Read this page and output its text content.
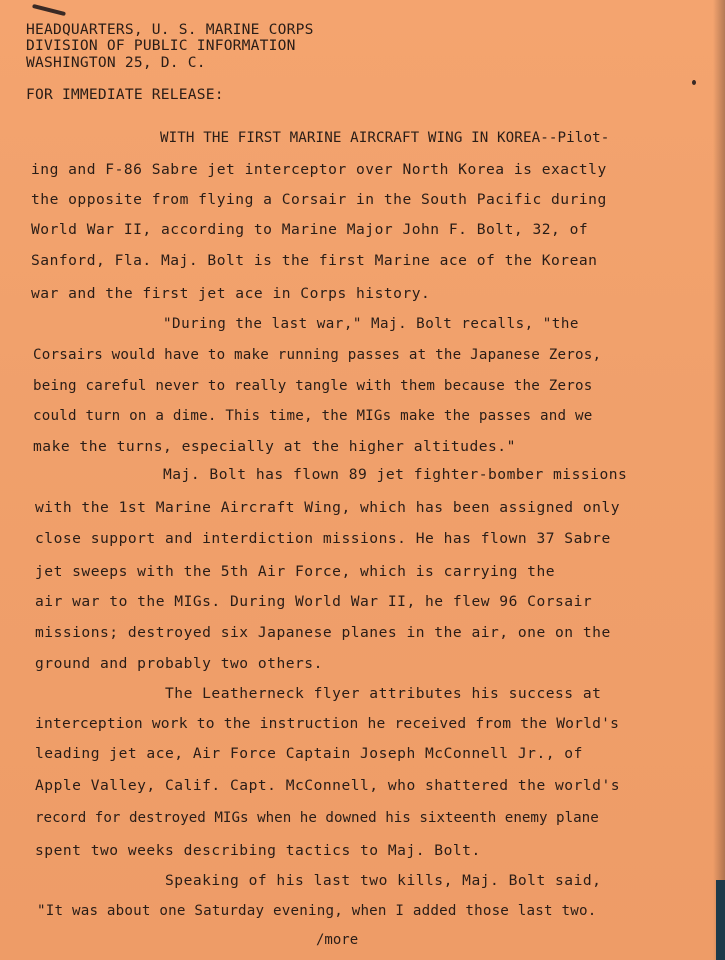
HEADQUARTERS, U. S. MARINE CORPS
DIVISION OF PUBLIC INFORMATION
WASHINGTON 25, D. C.
FOR IMMEDIATE RELEASE:
WITH THE FIRST MARINE AIRCRAFT WING IN KOREA--Pilot-
ing and F-86 Sabre jet interceptor over North Korea is exactly
the opposite from flying a Corsair in the South Pacific during
World War II, according to Marine Major John F. Bolt, 32, of
Sanford, Fla. Maj. Bolt is the first Marine ace of the Korean
war and the first jet ace in Corps history.
"During the last war," Maj. Bolt recalls, "the
Corsairs would have to make running passes at the Japanese Zeros,
being careful never to really tangle with them because the Zeros
could turn on a dime. This time, the MIGs make the passes and we
make the turns, especially at the higher altitudes."
Maj. Bolt has flown 89 jet fighter-bomber missions
with the 1st Marine Aircraft Wing, which has been assigned only
close support and interdiction missions. He has flown 37 Sabre
jet sweeps with the 5th Air Force, which is carrying the
air war to the MIGs. During World War II, he flew 96 Corsair
missions; destroyed six Japanese planes in the air, one on the
ground and probably two others.
The Leatherneck flyer attributes his success at
interception work to the instruction he received from the World's
leading jet ace, Air Force Captain Joseph McConnell Jr., of
Apple Valley, Calif. Capt. McConnell, who shattered the world's
record for destroyed MIGs when he downed his sixteenth enemy plane
spent two weeks describing tactics to Maj. Bolt.
Speaking of his last two kills, Maj. Bolt said,
"It was about one Saturday evening, when I added those last two.
/more
